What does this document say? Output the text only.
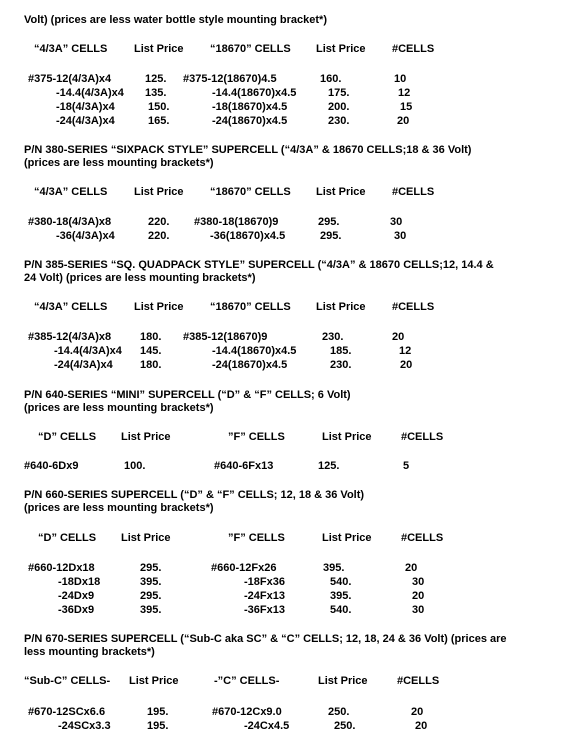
Volt) (prices are less water bottle style mounting bracket*)
“4/3A” CELLS List Price “18670” CELLS List Price #CELLS
#375-12(4/3A)x4	125. #375-12(18670)4.5	160.	10
-14.4(4/3A)x4 135.	-14.4(18670)x4.5	175.	12
-18(4/3A)x4	150.	-18(18670)x4.5	200.	15
-24(4/3A)x4	165.	-24(18670)x4.5	230.	20
P/N 380-SERIES “SIXPACK STYLE” SUPERCELL (“4/3A” & 18670 CELLS;18 & 36 Volt)
(prices are less mounting brackets*)
“4/3A” CELLS List Price “18670” CELLS List Price #CELLS
#380-18(4/3A)x8	220. #380-18(18670)9	295.	30
-36(4/3A)x4	220.	-36(18670)x4.5	295.	30
P/N 385-SERIES “SQ. QUADPACK STYLE” SUPERCELL (“4/3A” & 18670 CELLS;12, 14.4 &
24 Volt) (prices are less mounting brackets*)
“4/3A” CELLS List Price “18670” CELLS List Price #CELLS
#385-12(4/3A)x8	180. #385-12(18670)9	230.	20
-14.4(4/3A)x4 145.	-14.4(18670)x4.5	185.	12
-24(4/3A)x4 180.	-24(18670)x4.5	230.	20
P/N 640-SERIES “MINI” SUPERCELL (“D” & “F” CELLS; 6 Volt)
(prices are less mounting brackets*)
“D” CELLS List Price	”F” CELLS	List Price	#CELLS
#640-6Dx9	100.	#640-6Fx13	125.	5
P/N 660-SERIES SUPERCELL (“D” & “F” CELLS; 12, 18 & 36 Volt)
(prices are less mounting brackets*)
“D” CELLS List Price	”F” CELLS	List Price	#CELLS
#660-12Dx18	295.	#660-12Fx26	395.	20
-18Dx18	395.	-18Fx36	540.	30
-24Dx9	295.	-24Fx13	395.	20
-36Dx9	395.	-36Fx13	540.	30
P/N 670-SERIES SUPERCELL (“Sub-C aka SC” & “C” CELLS; 12, 18, 24 & 36 Volt) (prices are
less mounting brackets*)
“Sub-C” CELLS- List Price	-”C” CELLS-	List Price	#CELLS
#670-12SCx6.6	195.	#670-12Cx9.0	250.	20
-24SCx3.3	195.	-24Cx4.5	250.	20
